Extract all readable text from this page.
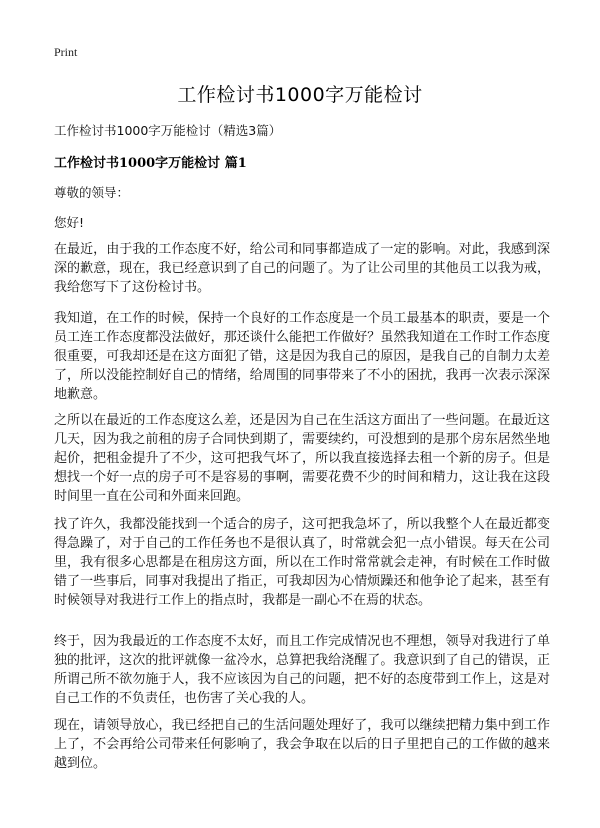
Print
工作检讨书1000字万能检讨
工作检讨书1000字万能检讨（精选3篇）
工作检讨书1000字万能检讨 篇1
尊敬的领导：
您好!

在最近，由于我的工作态度不好，给公司和同事都造成了一定的影响。对此，我感到深深的歉意，现在，我已经意识到了自己的问题了。为了让公司里的其他员工以我为戒，我给您写下了这份检讨书。

我知道，在工作的时候，保持一个良好的工作态度是一个员工最基本的职责，要是一个员工连工作态度都没法做好，那还谈什么能把工作做好？虽然我知道在工作时工作态度很重要，可我却还是在这方面犯了错，这是因为我自己的原因，是我自己的自制力太差了，所以没能控制好自己的情绪，给周围的同事带来了不小的困扰，我再一次表示深深地歉意。

之所以在最近的工作态度这么差，还是因为自己在生活这方面出了一些问题。在最近这几天，因为我之前租的房子合同快到期了，需要续约，可没想到的是那个房东居然坐地起价，把租金提升了不少，这可把我气坏了，所以我直接选择去租一个新的房子。但是想找一个好一点的房子可不是容易的事啊，需要花费不少的时间和精力，这让我在这段时间里一直在公司和外面来回跑。

找了许久，我都没能找到一个适合的房子，这可把我急坏了，所以我整个人在最近都变得急躁了，对于自己的工作任务也不是很认真了，时常就会犯一点小错误。每天在公司里，我有很多心思都是在租房这方面，所以在工作时常常就会走神，有时候在工作时做错了一些事后，同事对我提出了指正，可我却因为心情烦躁还和他争论了起来，甚至有时候领导对我进行工作上的指点时，我都是一副心不在焉的状态。

终于，因为我最近的工作态度不太好，而且工作完成情况也不理想，领导对我进行了单独的批评，这次的批评就像一盆冷水，总算把我给浇醒了。我意识到了自己的错误，正所谓己所不欲勿施于人，我不应该因为自己的问题，把不好的态度带到工作上，这是对自己工作的不负责任，也伤害了关心我的人。

现在，请领导放心，我已经把自己的生活问题处理好了，我可以继续把精力集中到工作上了，不会再给公司带来任何影响了，我会争取在以后的日子里把自己的工作做的越来越到位。
